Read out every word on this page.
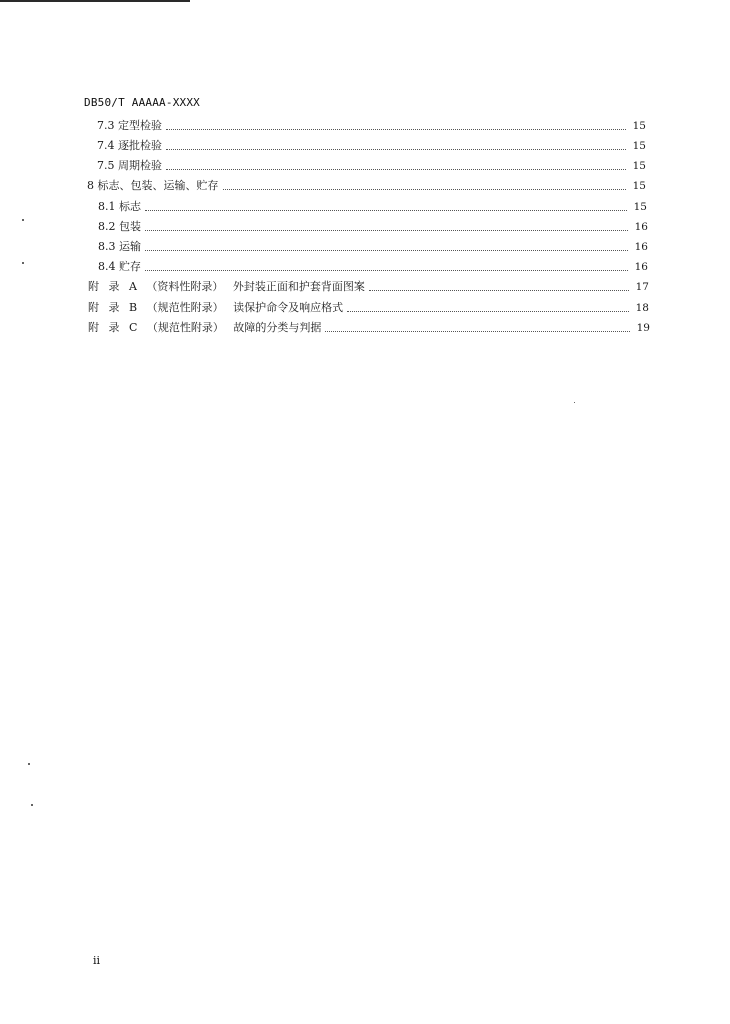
DB50/T AAAAA-XXXX
7.3 定型检验	15
7.4 逐批检验	15
7.5 周期检验	15
8 标志、包装、运输、贮存	15
8.1 标志	15
8.2 包装	16
8.3 运输	16
8.4 贮存	16
附 录 A （资料性附录） 外封装正面和护套背面图案	17
附 录 B （规范性附录） 读保护命令及响应格式	18
附 录 C （规范性附录） 故障的分类与判据	19
ii
